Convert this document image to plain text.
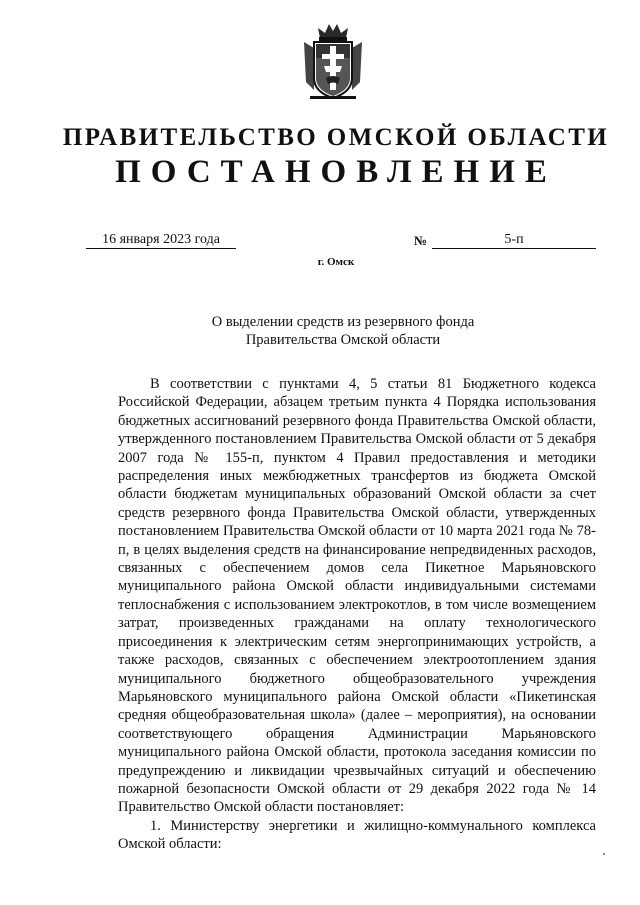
ПРАВИТЕЛЬСТВО ОМСКОЙ ОБЛАСТИ
ПОСТАНОВЛЕНИЕ
16 января 2023 года	№	5-п
г. Омск
О выделении средств из резервного фонда
Правительства Омской области

В соответствии с пунктами 4, 5 статьи 81 Бюджетного кодекса Российской Федерации, абзацем третьим пункта 4 Порядка использования бюджетных ассигнований резервного фонда Правительства Омской области, утвержденного постановлением Правительства Омской области от 5 декабря 2007 года № 155-п, пунктом 4 Правил предоставления и методики распределения иных межбюджетных трансфертов из бюджета Омской области бюджетам муниципальных образований Омской области за счет средств резервного фонда Правительства Омской области, утвержденных постановлением Правительства Омской области от 10 марта 2021 года № 78-п, в целях выделения средств на финансирование непредвиденных расходов, связанных с обеспечением домов села Пикетное Марьяновского муниципального района Омской области индивидуальными системами теплоснабжения с использованием электрокотлов, в том числе возмещением затрат, произведенных гражданами на оплату технологического присоединения к электрическим сетям энергопринимающих устройств, а также расходов, связанных с обеспечением электроотоплением здания муниципального бюджетного общеобразовательного учреждения Марьяновского муниципального района Омской области «Пикетинская средняя общеобразовательная школа» (далее – мероприятия), на основании соответствующего обращения Администрации Марьяновского муниципального района Омской области, протокола заседания комиссии по предупреждению и ликвидации чрезвычайных ситуаций и обеспечению пожарной безопасности Омской области от 29 декабря 2022 года № 14 Правительство Омской области постановляет:

1. Министерству энергетики и жилищно-коммунального комплекса Омской области:
